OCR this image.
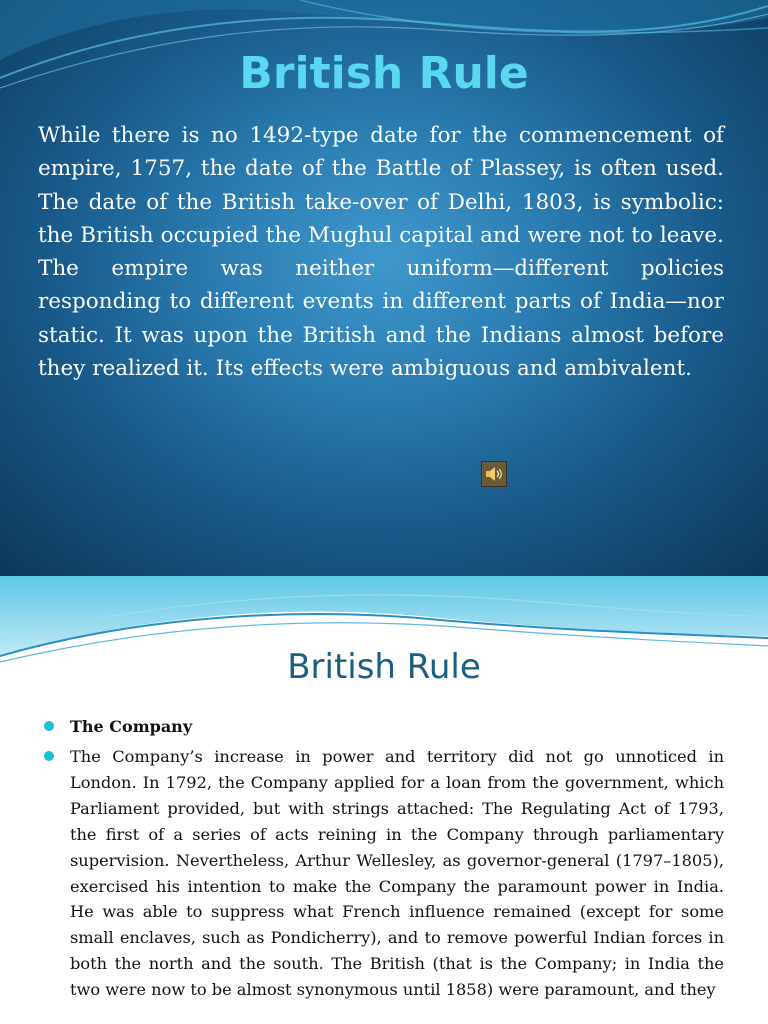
British Rule

While there is no 1492-type date for the commencement of empire, 1757, the date of the Battle of Plassey, is often used. The date of the British take-over of Delhi, 1803, is symbolic: the British occupied the Mughul capital and were not to leave. The empire was neither uniform—different policies responding to different events in different parts of India—nor static. It was upon the British and the Indians almost before they realized it. Its effects were ambiguous and ambivalent.

British Rule
The Company

The Company’s increase in power and territory did not go unnoticed in London. In 1792, the Company applied for a loan from the government, which Parliament provided, but with strings attached: The Regulating Act of 1793, the first of a series of acts reining in the Company through parliamentary supervision. Nevertheless, Arthur Wellesley, as governor-general (1797–1805), exercised his intention to make the Company the paramount power in India. He was able to suppress what French influence remained (except for some small enclaves, such as Pondicherry), and to remove powerful Indian forces in both the north and the south. The British (that is the Company; in India the two were now to be almost synonymous until 1858) were paramount, and they
